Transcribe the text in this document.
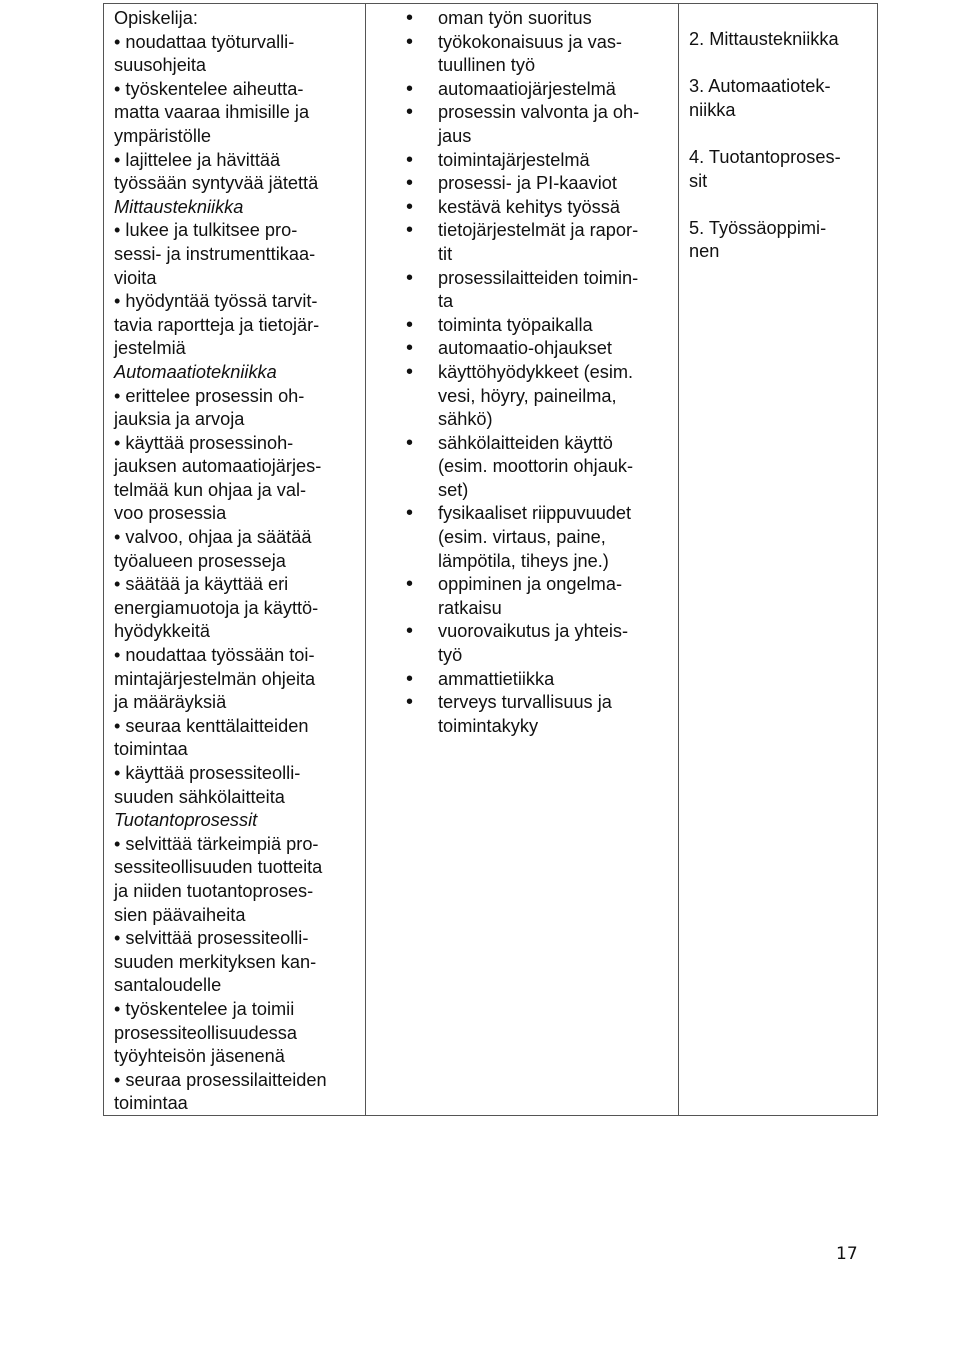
Opiskelija:
• noudattaa työturvalli-
suusohjeita
• työskentelee aiheutta-
matta vaaraa ihmisille ja
ympäristölle
• lajittelee ja hävittää
työssään syntyvää jätettä
Mittaustekniikka
• lukee ja tulkitsee pro-
sessi- ja instrumenttikaa-
vioita
• hyödyntää työssä tarvit-
tavia raportteja ja tietojär-
jestelmiä
Automaatiotekniikka
• erittelee prosessin oh-
jauksia ja arvoja
• käyttää prosessinoh-
jauksen automaatiojärjes-
telmää kun ohjaa ja val-
voo prosessia
• valvoo, ohjaa ja säätää
työalueen prosesseja
• säätää ja käyttää eri
energiamuotoja ja käyttö-
hyödykkeitä
• noudattaa työssään toi-
mintajärjestelmän ohjeita
ja määräyksiä
• seuraa kenttälaitteiden
toimintaa
• käyttää prosessiteolli-
suuden sähkölaitteita
Tuotantoprosessit
• selvittää tärkeimpiä pro-
sessiteollisuuden tuotteita
ja niiden tuotantoproses-
sien päävaiheita
• selvittää prosessiteolli-
suuden merkityksen kan-
santaloudelle
• työskentelee ja toimii
prosessiteollisuudessa
työyhteisön jäsenenä
• seuraa prosessilaitteiden
toimintaa
• oman työn suoritus
• työkokonaisuus ja vas-
tuullinen työ
• automaatiojärjestelmä
• prosessin valvonta ja oh-
jaus
• toimintajärjestelmä
• prosessi- ja PI-kaaviot
• kestävä kehitys työssä
• tietojärjestelmät ja rapor-
tit
• prosessilaitteiden toimin-
ta
• toiminta työpaikalla
• automaatio-ohjaukset
• käyttöhyödykkeet (esim.
vesi, höyry, paineilma,
sähkö)
• sähkölaitteiden käyttö
(esim. moottorin ohjauk-
set)
• fysikaaliset riippuvuudet
(esim. virtaus, paine,
lämpötila, tiheys jne.)
• oppiminen ja ongelma-
ratkaisu
• vuorovaikutus ja yhteis-
työ
• ammattietiikka
• terveys turvallisuus ja
toimintakyky
2. Mittaustekniikka
3. Automaatiotek-
niikka
4. Tuotantoproses-
sit
5. Työssäoppimi-
nen
17
